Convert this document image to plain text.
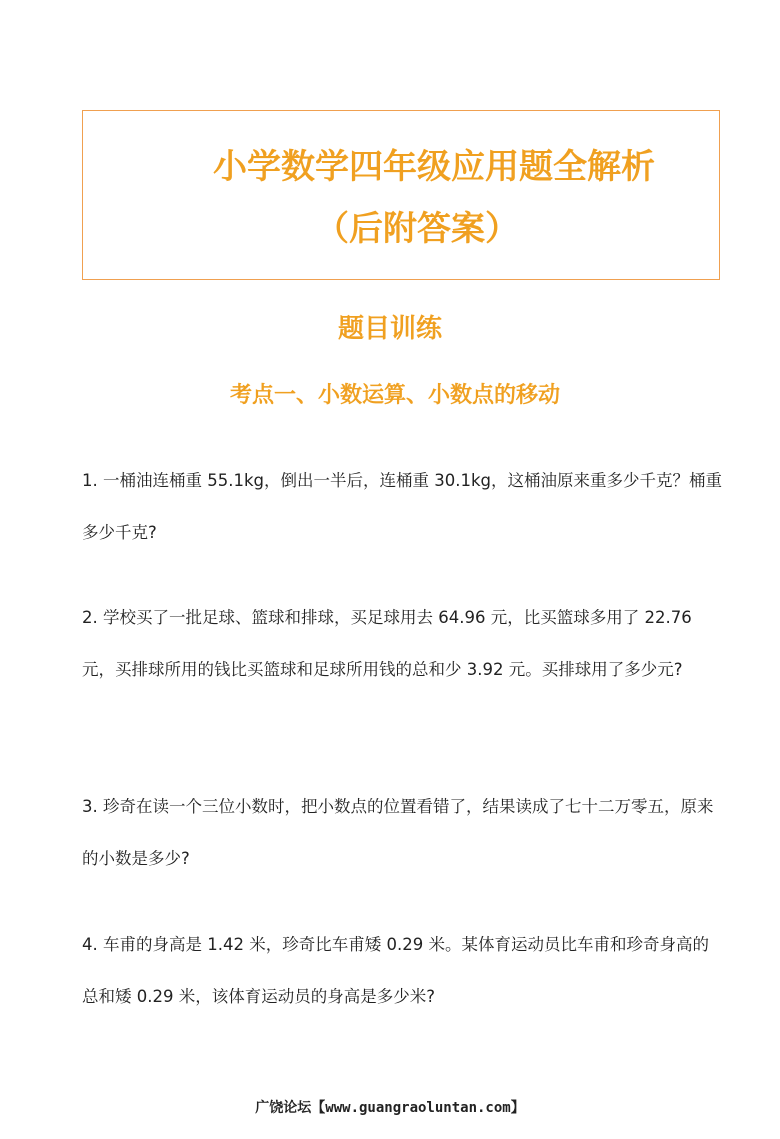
小学数学四年级应用题全解析
（后附答案）
题目训练
考点一、小数运算、小数点的移动
1. 一桶油连桶重 55.1kg，倒出一半后，连桶重 30.1kg，这桶油原来重多少千克？桶重多少千克?
2. 学校买了一批足球、篮球和排球，买足球用去 64.96 元，比买篮球多用了 22.76 元，买排球所用的钱比买篮球和足球所用钱的总和少 3.92 元。买排球用了多少元?
3. 珍奇在读一个三位小数时，把小数点的位置看错了，结果读成了七十二万零五，原来的小数是多少?
4. 车甫的身高是 1.42 米，珍奇比车甫矮 0.29 米。某体育运动员比车甫和珍奇身高的总和矮 0.29 米，该体育运动员的身高是多少米?
广饶论坛【www.guangraoluntan.com】
